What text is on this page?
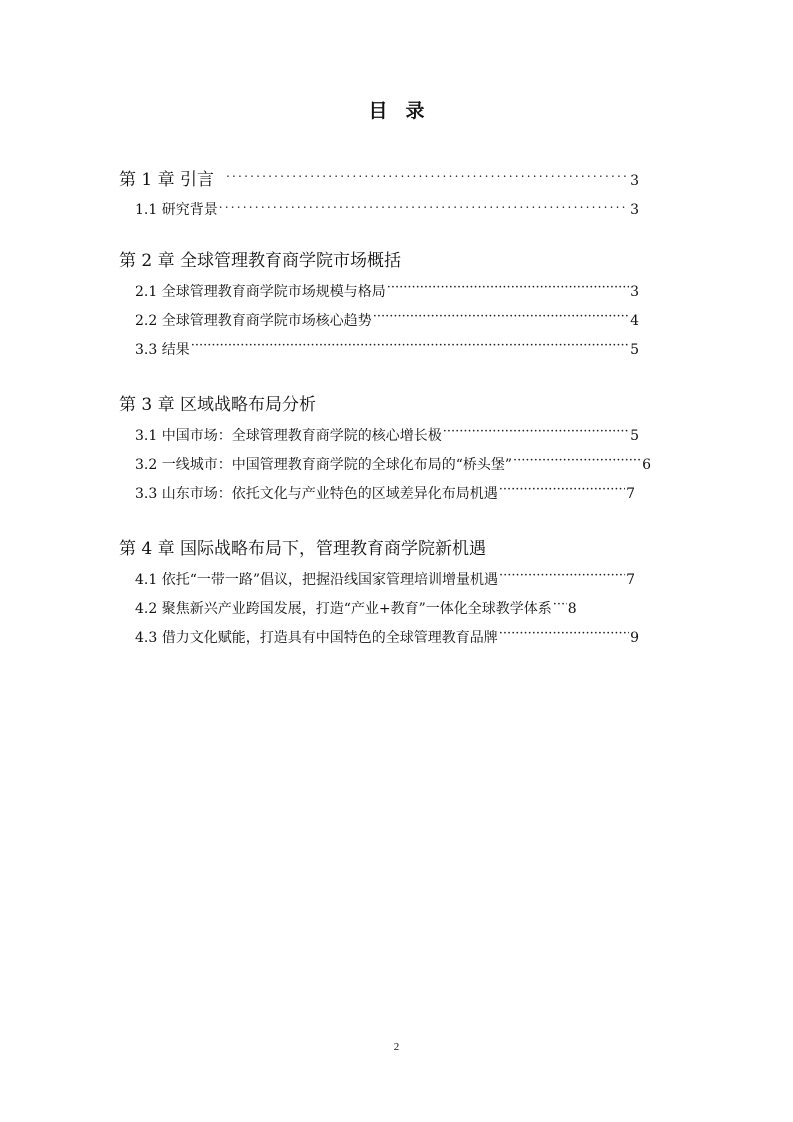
目录
第 1 章 引言 .....	3
1.1 研究背景 .....	3
第 2 章 全球管理教育商学院市场概括
2.1 全球管理教育商学院市场规模与格局 ·····	3
2.2 全球管理教育商学院市场核心趋势 ·····	4
3.3 结果 ·····	5
第 3 章 区域战略布局分析
3.1 中国市场：全球管理教育商学院的核心增长极 ·····	5
3.2 一线城市：中国管理教育商学院的全球化布局的“桥头堡” ·····	6
3.3 山东市场：依托文化与产业特色的区域差异化布局机遇 ·····	7
第 4 章 国际战略布局下，管理教育商学院新机遇
4.1 依托“一带一路”倡议，把握沿线国家管理培训增量机遇 ·····	7
4.2 聚焦新兴产业跨国发展，打造“产业+教育”一体化全球教学体系 ····· 8
4.3 借力文化赋能，打造具有中国特色的全球管理教育品牌 ·····	9
2
